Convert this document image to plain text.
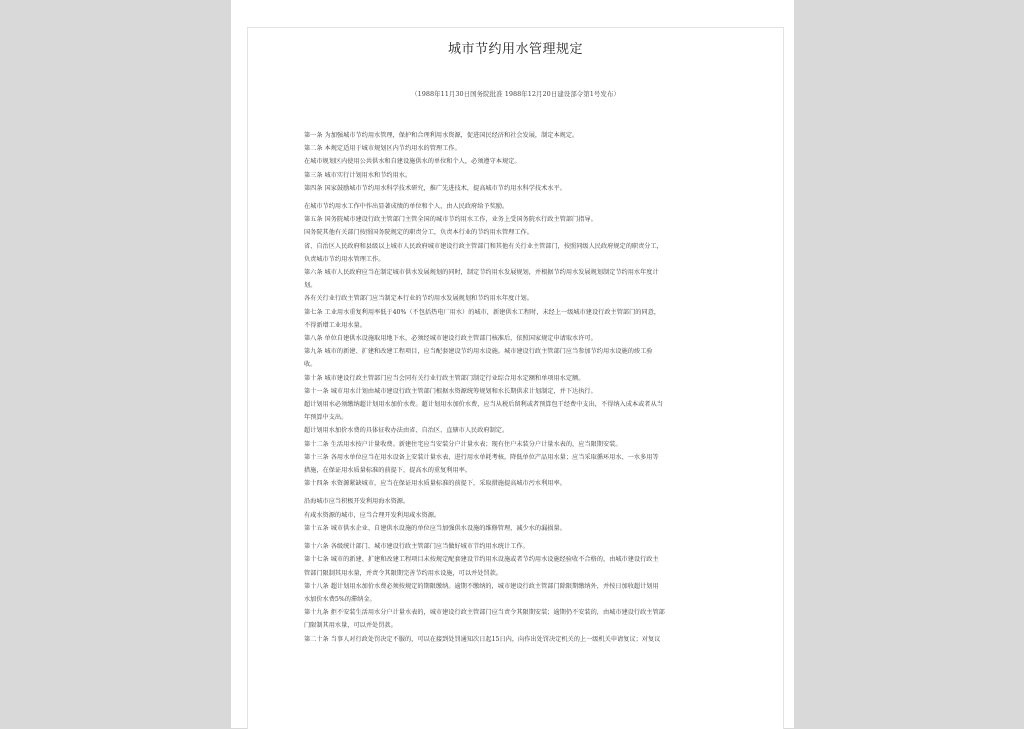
城市节约用水管理规定
（1988年11月30日国务院批准 1988年12月20日建设部令第1号发布）
第一条 为加强城市节约用水管理，保护和合理利用水资源，促进国民经济和社会发展，制定本规定。
第二条 本规定适用于城市规划区内节约用水的管理工作。
在城市规划区内使用公共供水和自建设施供水的单位和个人，必须遵守本规定。
第三条 城市实行计划用水和节约用水。
第四条 国家鼓励城市节约用水科学技术研究，推广先进技术，提高城市节约用水科学技术水平。
在城市节约用水工作中作出显著成绩的单位和个人，由人民政府给予奖励。
第五条 国务院城市建设行政主管部门主管全国的城市节约用水工作，业务上受国务院水行政主管部门指导。
国务院其他有关部门按照国务院规定的职责分工，负责本行业的节约用水管理工作。
省、自治区人民政府和县级以上城市人民政府城市建设行政主管部门和其他有关行业主管部门，按照同级人民政府规定的职责分工，
负责城市节约用水管理工作。
第六条 城市人民政府应当在制定城市供水发展规划的同时，制定节约用水发展规划，并根据节约用水发展规划制定节约用水年度计
划。
各有关行业行政主管部门应当制定本行业的节约用水发展规划和节约用水年度计划。
第七条 工业用水重复利用率低于40%（不包括热电厂用水）的城市，新建供水工程时，未经上一级城市建设行政主管部门的同意，
不得新增工业用水量。
第八条 单位自建供水设施取用地下水，必须经城市建设行政主管部门核准后，依照国家规定申请取水许可。
第九条 城市的新建、扩建和改建工程项目，应当配套建设节约用水设施。城市建设行政主管部门应当参加节约用水设施的竣工验
收。
第十条 城市建设行政主管部门应当会同有关行业行政主管部门制定行业综合用水定额和单项用水定额。
第十一条 城市用水计划由城市建设行政主管部门根据水资源统筹规划和水长期供求计划制定，并下达执行。
超计划用水必须缴纳超计划用水加价水费。超计划用水加价水费，应当从税后留利或者预算包干经费中支出，不得纳入成本或者从当
年预算中支出。
超计划用水加价水费的具体征收办法由省、自治区、直辖市人民政府制定。
第十二条 生活用水按户计量收费。新建住宅应当安装分户计量水表；现有住户未装分户计量水表的，应当限期安装。
第十三条 各用水单位应当在用水设备上安装计量水表，进行用水单耗考核，降低单位产品用水量；应当采取循环用水、一水多用等
措施，在保证用水质量标准的前提下，提高水的重复利用率。
第十四条 水资源紧缺城市，应当在保证用水质量标准的前提下，采取措施提高城市污水利用率。
沿海城市应当积极开发利用海水资源。
有咸水资源的城市，应当合理开发利用咸水资源。
第十五条 城市供水企业、自建供水设施的单位应当加强供水设施的维修管理，减少水的漏损量。
第十六条 各级统计部门、城市建设行政主管部门应当做好城市节约用水统计工作。
第十七条 城市的新建、扩建和改建工程项目未按规定配套建设节约用水设施或者节约用水设施经验收不合格的，由城市建设行政主
管部门限制其用水量，并责令其限期完善节约用水设施，可以并处罚款。
第十八条 超计划用水加价水费必须按规定的期限缴纳。逾期不缴纳的，城市建设行政主管部门除限期缴纳外，并按日加收超计划用
水加价水费5%的滞纳金。
第十九条 拒不安装生活用水分户计量水表的，城市建设行政主管部门应当责令其限期安装；逾期仍不安装的，由城市建设行政主管部
门限制其用水量，可以并处罚款。
第二十条 当事人对行政处罚决定不服的，可以在接到处罚通知次日起15日内，向作出处罚决定机关的上一级机关申请复议；对复议
